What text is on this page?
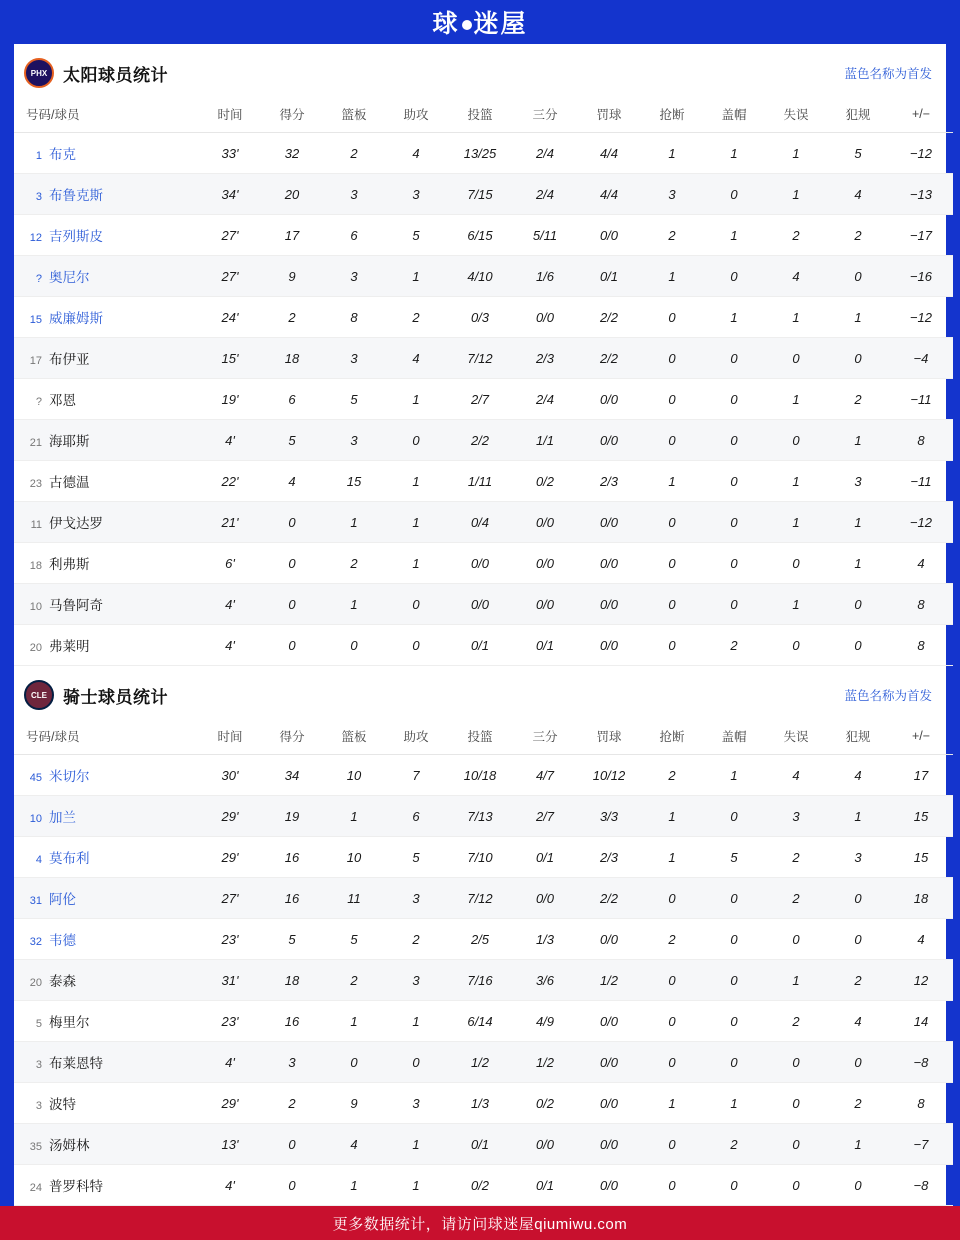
球 迷屋
PHX 太阳球员统计	蓝色名称为首发
号码/球员	时间	得分	篮板	助攻	投篮	三分	罚球	抢断	盖帽	失误	犯规	+/−
1 布克	33'	32	2	4	13/25	2/4	4/4	1	1	1	5	−12
3 布鲁克斯	34'	20	3	3	7/15	2/4	4/4	3	0	1	4	−13
12 吉列斯皮	27'	17	6	5	6/15	5/11	0/0	2	1	2	2	−17
? 奥尼尔	27'	9	3	1	4/10	1/6	0/1	1	0	4	0	−16
15 威廉姆斯	24'	2	8	2	0/3	0/0	2/2	0	1	1	1	−12
17 布伊亚	15'	18	3	4	7/12	2/3	2/2	0	0	0	0	−4
? 邓恩	19'	6	5	1	2/7	2/4	0/0	0	0	1	2	−11
21 海耶斯	4'	5	3	0	2/2	1/1	0/0	0	0	0	1	8
23 古德温	22'	4	15	1	1/11	0/2	2/3	1	0	1	3	−11
11 伊戈达罗	21'	0	1	1	0/4	0/0	0/0	0	0	1	1	−12
18 利弗斯	6'	0	2	1	0/0	0/0	0/0	0	0	0	1	4
10 马鲁阿奇	4'	0	1	0	0/0	0/0	0/0	0	0	1	0	8
20 弗莱明	4'	0	0	0	0/1	0/1	0/0	0	2	0	0	8
CLE 骑士球员统计	蓝色名称为首发
号码/球员	时间	得分	篮板	助攻	投篮	三分	罚球	抢断	盖帽	失误	犯规	+/−
45 米切尔	30'	34	10	7	10/18	4/7	10/12	2	1	4	4	17
10 加兰	29'	19	1	6	7/13	2/7	3/3	1	0	3	1	15
4 莫布利	29'	16	10	5	7/10	0/1	2/3	1	5	2	3	15
31 阿伦	27'	16	11	3	7/12	0/0	2/2	0	0	2	0	18
32 韦德	23'	5	5	2	2/5	1/3	0/0	2	0	0	0	4
20 泰森	31'	18	2	3	7/16	3/6	1/2	0	0	1	2	12
5 梅里尔	23'	16	1	1	6/14	4/9	0/0	0	0	2	4	14
3 布莱恩特	4'	3	0	0	1/2	1/2	0/0	0	0	0	0	−8
3 波特	29'	2	9	3	1/3	0/2	0/0	1	1	0	2	8
35 汤姆林	13'	0	4	1	0/1	0/0	0/0	0	2	0	1	−7
24 普罗科特	4'	0	1	1	0/2	0/1	0/0	0	0	0	0	−8
更多数据统计，请访问球迷屋qiumiwu.com
